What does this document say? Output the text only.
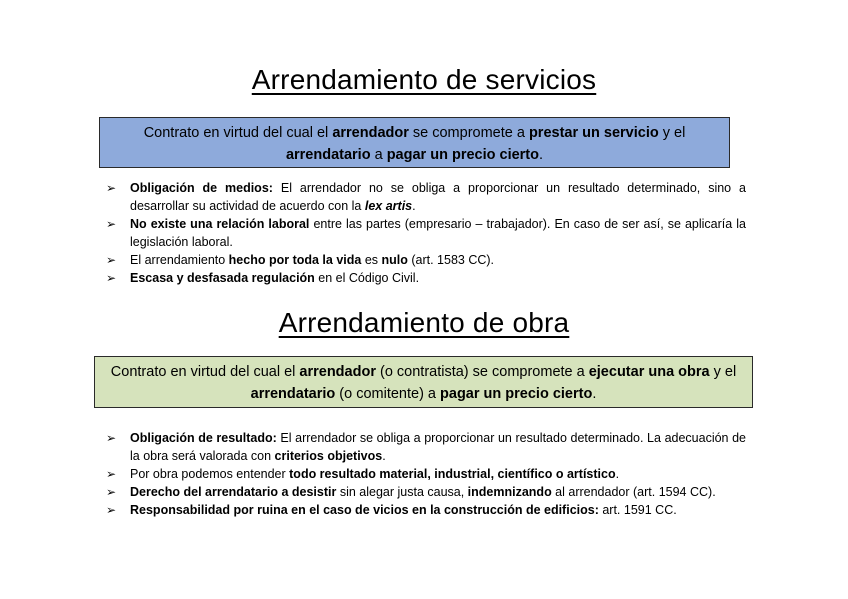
Arrendamiento de servicios
Contrato en virtud del cual el arrendador se compromete a prestar un servicio y el
arrendatario a pagar un precio cierto.
➢ Obligación de medios: El arrendador no se obliga a proporcionar un resultado determinado, sino a desarrollar su actividad de acuerdo con la lex artis.
➢ No existe una relación laboral entre las partes (empresario – trabajador). En caso de ser así, se aplicaría la legislación laboral.
➢ El arrendamiento hecho por toda la vida es nulo (art. 1583 CC).
➢ Escasa y desfasada regulación en el Código Civil.
Arrendamiento de obra
Contrato en virtud del cual el arrendador (o contratista) se compromete a ejecutar una obra y el arrendatario (o comitente) a pagar un precio cierto.
➢ Obligación de resultado: El arrendador se obliga a proporcionar un resultado determinado. La adecuación de la obra será valorada con criterios objetivos.
➢ Por obra podemos entender todo resultado material, industrial, científico o artístico.
➢ Derecho del arrendatario a desistir sin alegar justa causa, indemnizando al arrendador (art. 1594 CC).
➢ Responsabilidad por ruina en el caso de vicios en la construcción de edificios: art. 1591 CC.
